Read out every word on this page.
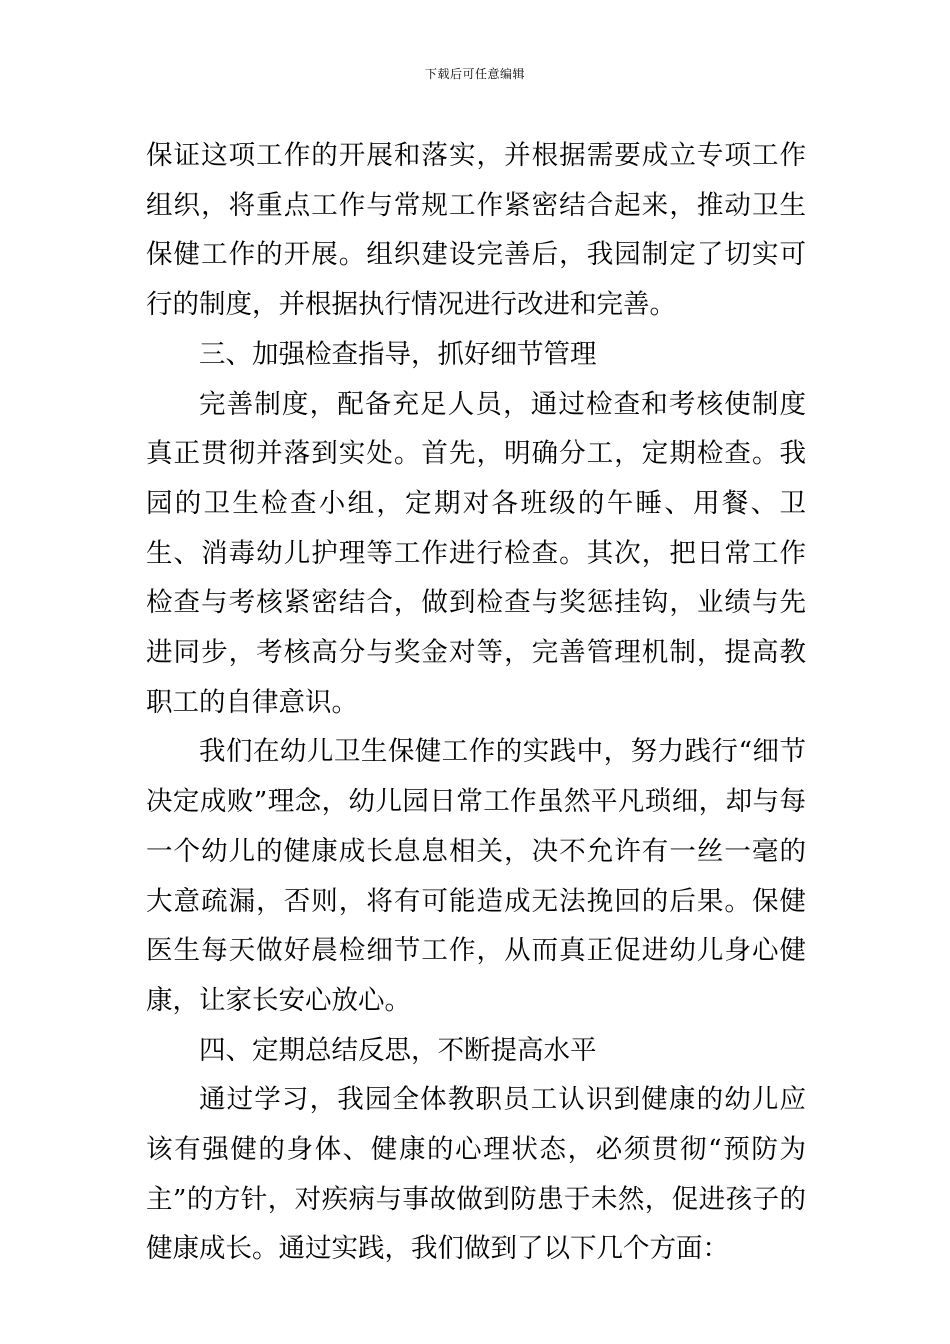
下载后可任意编辑

保证这项工作的开展和落实，并根据需要成立专项工作组织，将重点工作与常规工作紧密结合起来，推动卫生保健工作的开展。组织建设完善后，我园制定了切实可行的制度，并根据执行情况进行改进和完善。

三、加强检查指导，抓好细节管理

完善制度，配备充足人员，通过检查和考核使制度真正贯彻并落到实处。首先，明确分工，定期检查。我园的卫生检查小组，定期对各班级的午睡、用餐、卫生、消毒幼儿护理等工作进行检查。其次，把日常工作检查与考核紧密结合，做到检查与奖惩挂钩，业绩与先进同步，考核高分与奖金对等，完善管理机制，提高教职工的自律意识。

我们在幼儿卫生保健工作的实践中，努力践行“细节决定成败”理念，幼儿园日常工作虽然平凡琐细，却与每一个幼儿的健康成长息息相关，决不允许有一丝一毫的大意疏漏，否则，将有可能造成无法挽回的后果。保健医生每天做好晨检细节工作，从而真正促进幼儿身心健康，让家长安心放心。

四、定期总结反思，不断提高水平

通过学习，我园全体教职员工认识到健康的幼儿应该有强健的身体、健康的心理状态，必须贯彻“预防为主”的方针，对疾病与事故做到防患于未然，促进孩子的健康成长。通过实践，我们做到了以下几个方面：
